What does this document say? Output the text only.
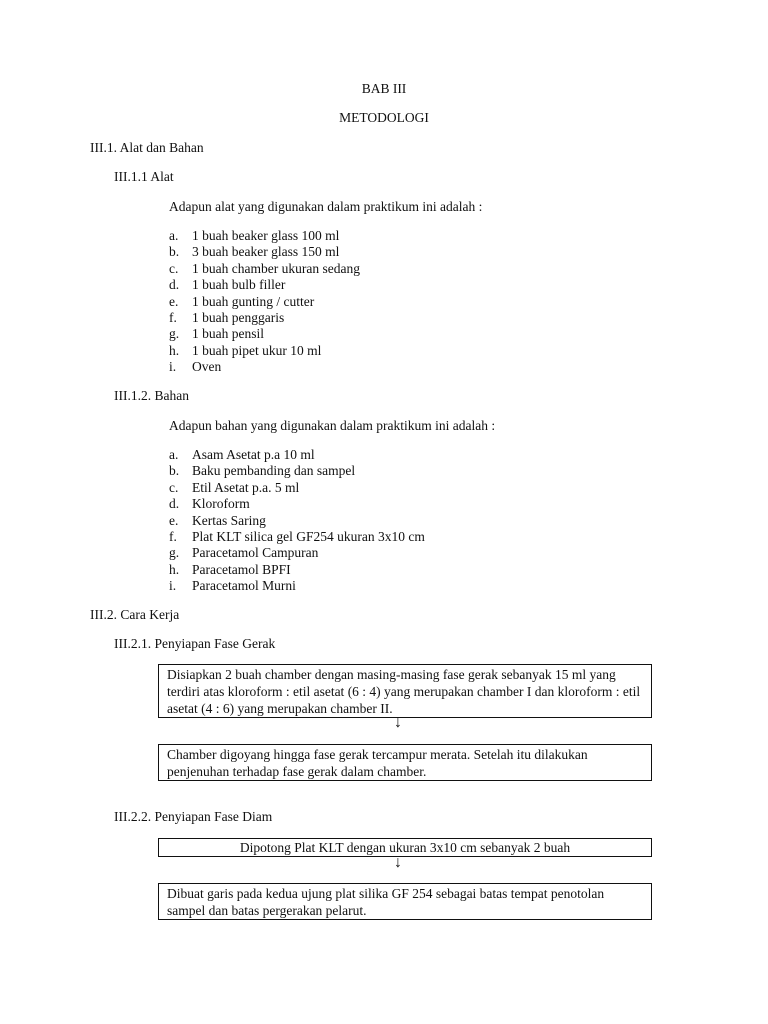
BAB III
METODOLOGI
III.1. Alat dan Bahan
III.1.1 Alat
Adapun alat yang digunakan dalam praktikum ini adalah :
a. 1 buah beaker glass 100 ml
b. 3 buah beaker glass 150 ml
c. 1 buah chamber ukuran sedang
d. 1 buah bulb filler
e. 1 buah gunting / cutter
f. 1 buah penggaris
g. 1 buah pensil
h. 1 buah pipet ukur 10 ml
i. Oven
III.1.2. Bahan
Adapun bahan yang digunakan dalam praktikum ini adalah :
a. Asam Asetat p.a 10 ml
b. Baku pembanding dan sampel
c. Etil Asetat p.a. 5 ml
d. Kloroform
e. Kertas Saring
f. Plat KLT silica gel GF254 ukuran 3x10 cm
g. Paracetamol Campuran
h. Paracetamol BPFI
i. Paracetamol Murni
III.2. Cara Kerja
III.2.1. Penyiapan Fase Gerak
Disiapkan 2 buah chamber dengan masing-masing fase gerak sebanyak 15 ml yang terdiri atas kloroform : etil asetat (6 : 4) yang merupakan chamber I dan kloroform : etil asetat (4 : 6) yang merupakan chamber II.
↓
Chamber digoyang hingga fase gerak tercampur merata. Setelah itu dilakukan penjenuhan terhadap fase gerak dalam chamber.
III.2.2. Penyiapan Fase Diam
Dipotong Plat KLT dengan ukuran 3x10 cm sebanyak 2 buah
↓
Dibuat garis pada kedua ujung plat silika GF 254 sebagai batas tempat penotolan sampel dan batas pergerakan pelarut.
